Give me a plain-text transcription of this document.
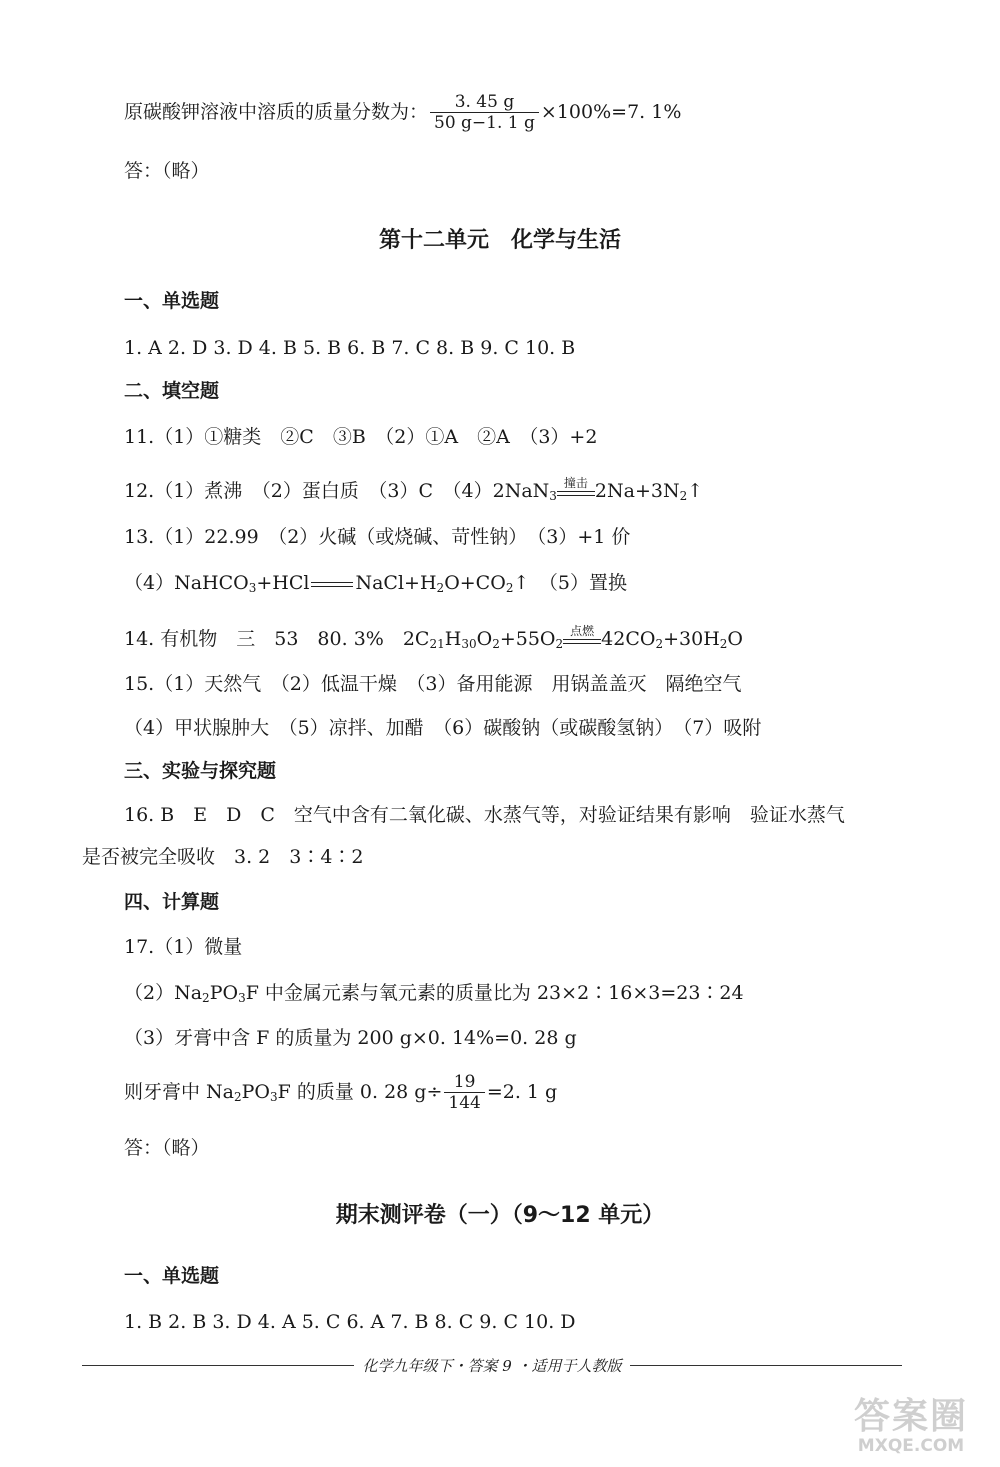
原碳酸钾溶液中溶质的质量分数为： $\frac{3. 45 g}{50 g-1. 1 g} \times 100\%=7$. 1%
答：（略）
第十二单元　化学与生活
一、单选题
1. A 2. D 3. D 4. B 5. B 6. B 7. C 8. B 9. C 10. B
二、填空题
11.（1）①糖类　②C　③B　（2）①A　②A　（3）+2
12.（1）煮沸　（2）蛋白质　（3）C　（4）2NaN$_3$
撞击 $2Na+3N_2↑$
13.（1）22.99　（2）火碱（或烧碱、苛性钠）　（3）+1 价
（4）NaHCO$_3$+HCl $NaCl+H_2O+CO_2↑$　（5）置换
14. 有机物　三　53　80. 3%　$2C_{21}H_{30}O_2+55O_2$
点燃 $42CO_2+30H_2O$
15.（1）天然气　（2）低温干燥　（3）备用能源　用锅盖盖灭　隔绝空气
（4）甲状腺肿大　（5）凉拌、加醋　（6）碳酸钠（或碳酸氢钠）　（7）吸附
三、实验与探究题
16. B　E　D　C　空气中含有二氧化碳、水蒸气等，对验证结果有影响　验证水蒸气
是否被完全吸收　3. 2　3∶4∶2
四、计算题
17.（1）微量
$(2)Na_2PO_3F$ 中金属元素与氧元素的质量比为 23×2∶16×3=23∶24
（3）牙膏中含 F 的质量为 200 g×0. 14%=0. 28 g
则牙膏中 $Na_2PO_3F$ 的质量 0. 28 $g\div \frac{19}{144} =2$. 1 g
答：（略）
期末测评卷（一）（9～12 单元）
一、单选题
1. B 2. B 3. D 4. A 5. C 6. A 7. B 8. C 9. C 10. D
化学九年级下・答案 9 ・适用于人教版
答案圈
MXQE.COM
